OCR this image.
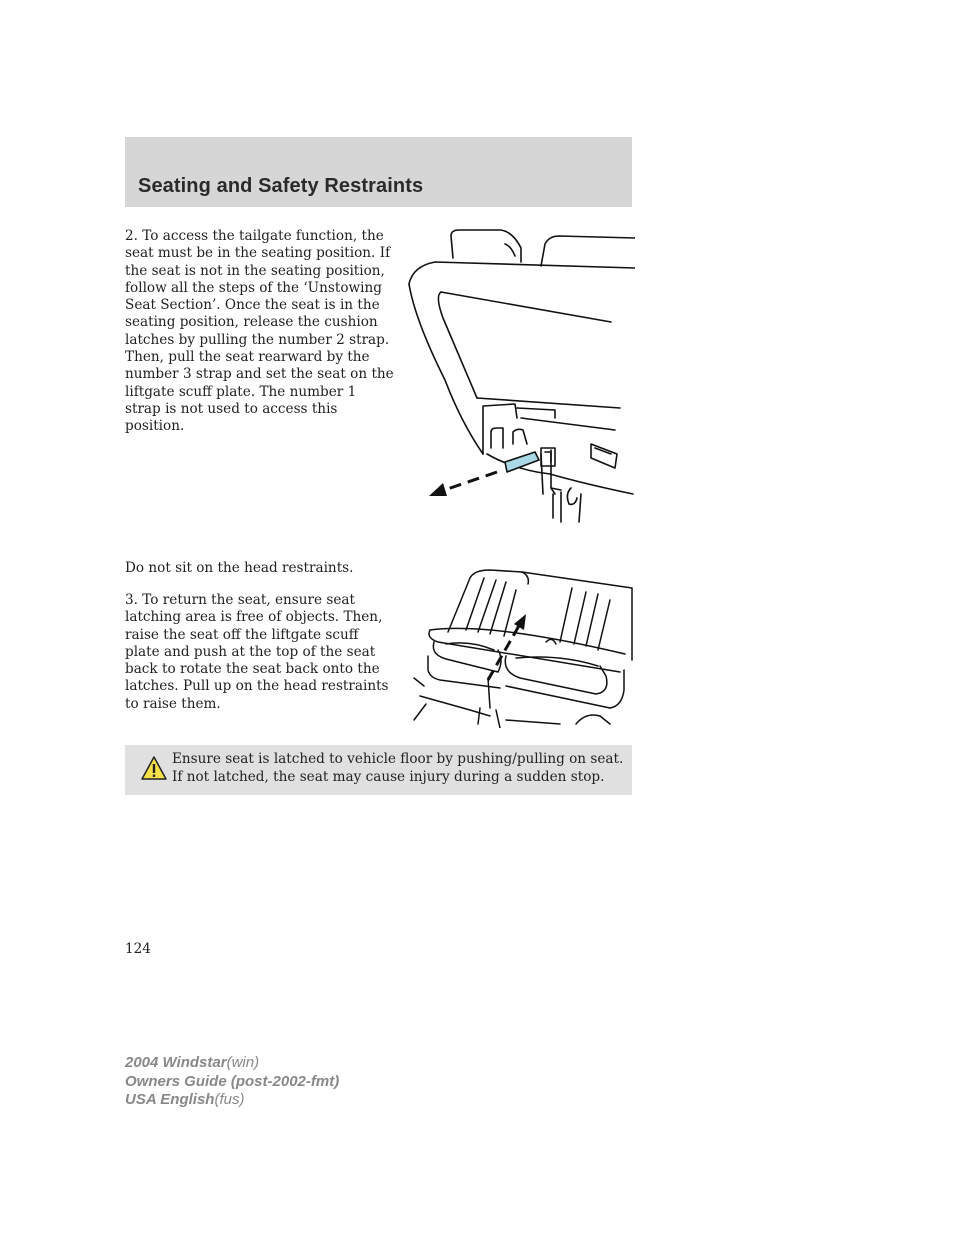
Seating and Safety Restraints

2. To access the tailgate function, the seat must be in the seating position. If the seat is not in the seating position, follow all the steps of the ‘Unstowing Seat Section’. Once the seat is in the seating position, release the cushion latches by pulling the number 2 strap. Then, pull the seat rearward by the number 3 strap and set the seat on the liftgate scuff plate. The number 1 strap is not used to access this position.

Do not sit on the head restraints.

3. To return the seat, ensure seat latching area is free of objects. Then, raise the seat off the liftgate scuff plate and push at the top of the seat back to rotate the seat back onto the latches. Pull up on the head restraints to raise them.

Ensure seat is latched to vehicle floor by pushing/pulling on seat. If not latched, the seat may cause injury during a sudden stop.

124

2004 Windstar(win)
Owners Guide (post-2002-fmt)
USA English(fus)
